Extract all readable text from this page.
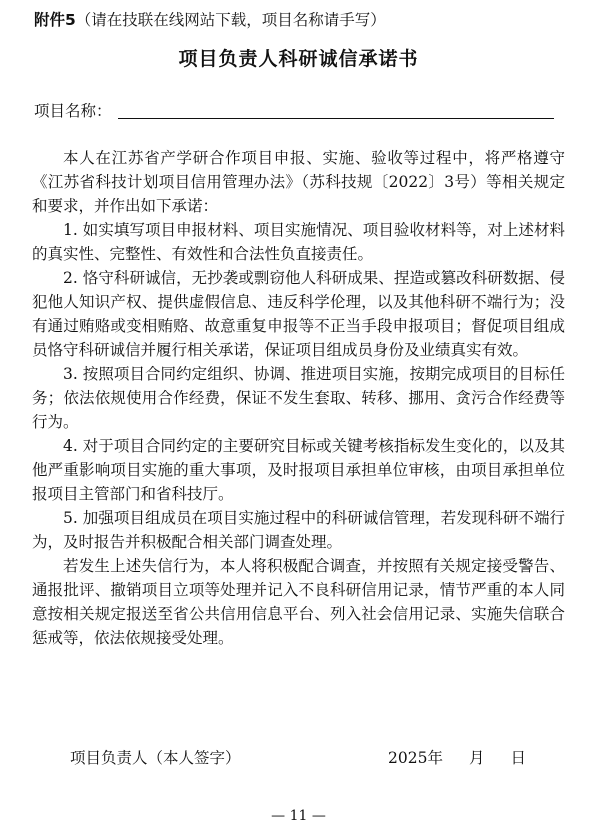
附件5（请在技联在线网站下载，项目名称请手写）
项目负责人科研诚信承诺书
项目名称：

本人在江苏省产学研合作项目申报、实施、验收等过程中，将严格遵守《江苏省科技计划项目信用管理办法》（苏科技规〔2022〕3号）等相关规定和要求，并作出如下承诺：

1. 如实填写项目申报材料、项目实施情况、项目验收材料等，对上述材料的真实性、完整性、有效性和合法性负直接责任。

2. 恪守科研诚信，无抄袭或剽窃他人科研成果、捏造或篡改科研数据、侵犯他人知识产权、提供虚假信息、违反科学伦理，以及其他科研不端行为；没有通过贿赂或变相贿赂、故意重复申报等不正当手段申报项目；督促项目组成员恪守科研诚信并履行相关承诺，保证项目组成员身份及业绩真实有效。

3. 按照项目合同约定组织、协调、推进项目实施，按期完成项目的目标任务；依法依规使用合作经费，保证不发生套取、转移、挪用、贪污合作经费等行为。

4. 对于项目合同约定的主要研究目标或关键考核指标发生变化的，以及其他严重影响项目实施的重大事项，及时报项目承担单位审核，由项目承担单位报项目主管部门和省科技厅。

5. 加强项目组成员在项目实施过程中的科研诚信管理，若发现科研不端行为，及时报告并积极配合相关部门调查处理。

若发生上述失信行为，本人将积极配合调查，并按照有关规定接受警告、通报批评、撤销项目立项等处理并记入不良科研信用记录，情节严重的本人同意按相关规定报送至省公共信用信息平台、列入社会信用记录、实施失信联合惩戒等，依法依规接受处理。

项目负责人（本人签字）	2025年 月 日
— 11 —
